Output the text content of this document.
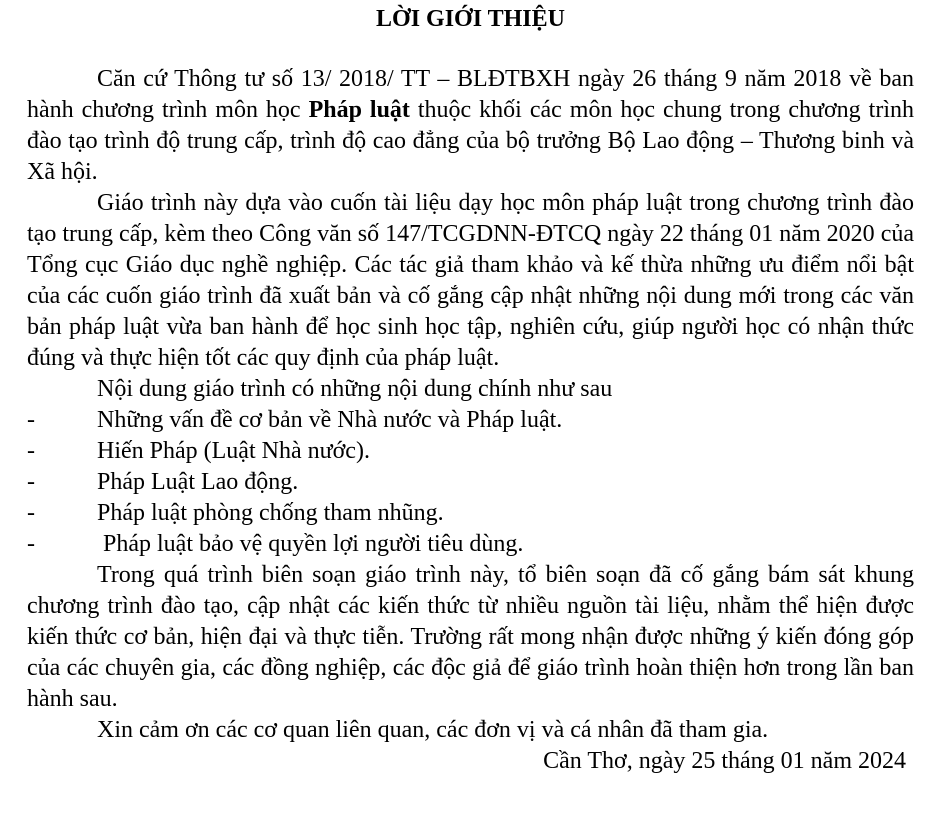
LỜI GIỚI THIỆU

Căn cứ Thông tư số 13/ 2018/ TT – BLĐTBXH ngày 26 tháng 9 năm 2018 về ban hành chương trình môn học Pháp luật thuộc khối các môn học chung trong chương trình đào tạo trình độ trung cấp, trình độ cao đẳng của bộ trưởng Bộ Lao động – Thương binh và Xã hội.

Giáo trình này dựa vào cuốn tài liệu dạy học môn pháp luật trong chương trình đào tạo trung cấp, kèm theo Công văn số 147/TCGDNN-ĐTCQ ngày 22 tháng 01 năm 2020 của Tổng cục Giáo dục nghề nghiệp. Các tác giả tham khảo và kế thừa những ưu điểm nổi bật của các cuốn giáo trình đã xuất bản và cố gắng cập nhật những nội dung mới trong các văn bản pháp luật vừa ban hành để học sinh học tập, nghiên cứu, giúp người học có nhận thức đúng và thực hiện tốt các quy định của pháp luật.

Nội dung giáo trình có những nội dung chính như sau

-	Những vấn đề cơ bản về Nhà nước và Pháp luật.
-	Hiến Pháp (Luật Nhà nước).
-	Pháp Luật Lao động.
-	Pháp luật phòng chống tham nhũng.
-	Pháp luật bảo vệ quyền lợi người tiêu dùng.

Trong quá trình biên soạn giáo trình này, tổ biên soạn đã cố gắng bám sát khung chương trình đào tạo, cập nhật các kiến thức từ nhiều nguồn tài liệu, nhằm thể hiện được kiến thức cơ bản, hiện đại và thực tiễn. Trường rất mong nhận được những ý kiến đóng góp của các chuyên gia, các đồng nghiệp, các độc giả để giáo trình hoàn thiện hơn trong lần ban hành sau.

Xin cảm ơn các cơ quan liên quan, các đơn vị và cá nhân đã tham gia.

Cần Thơ, ngày 25 tháng 01 năm 2024
